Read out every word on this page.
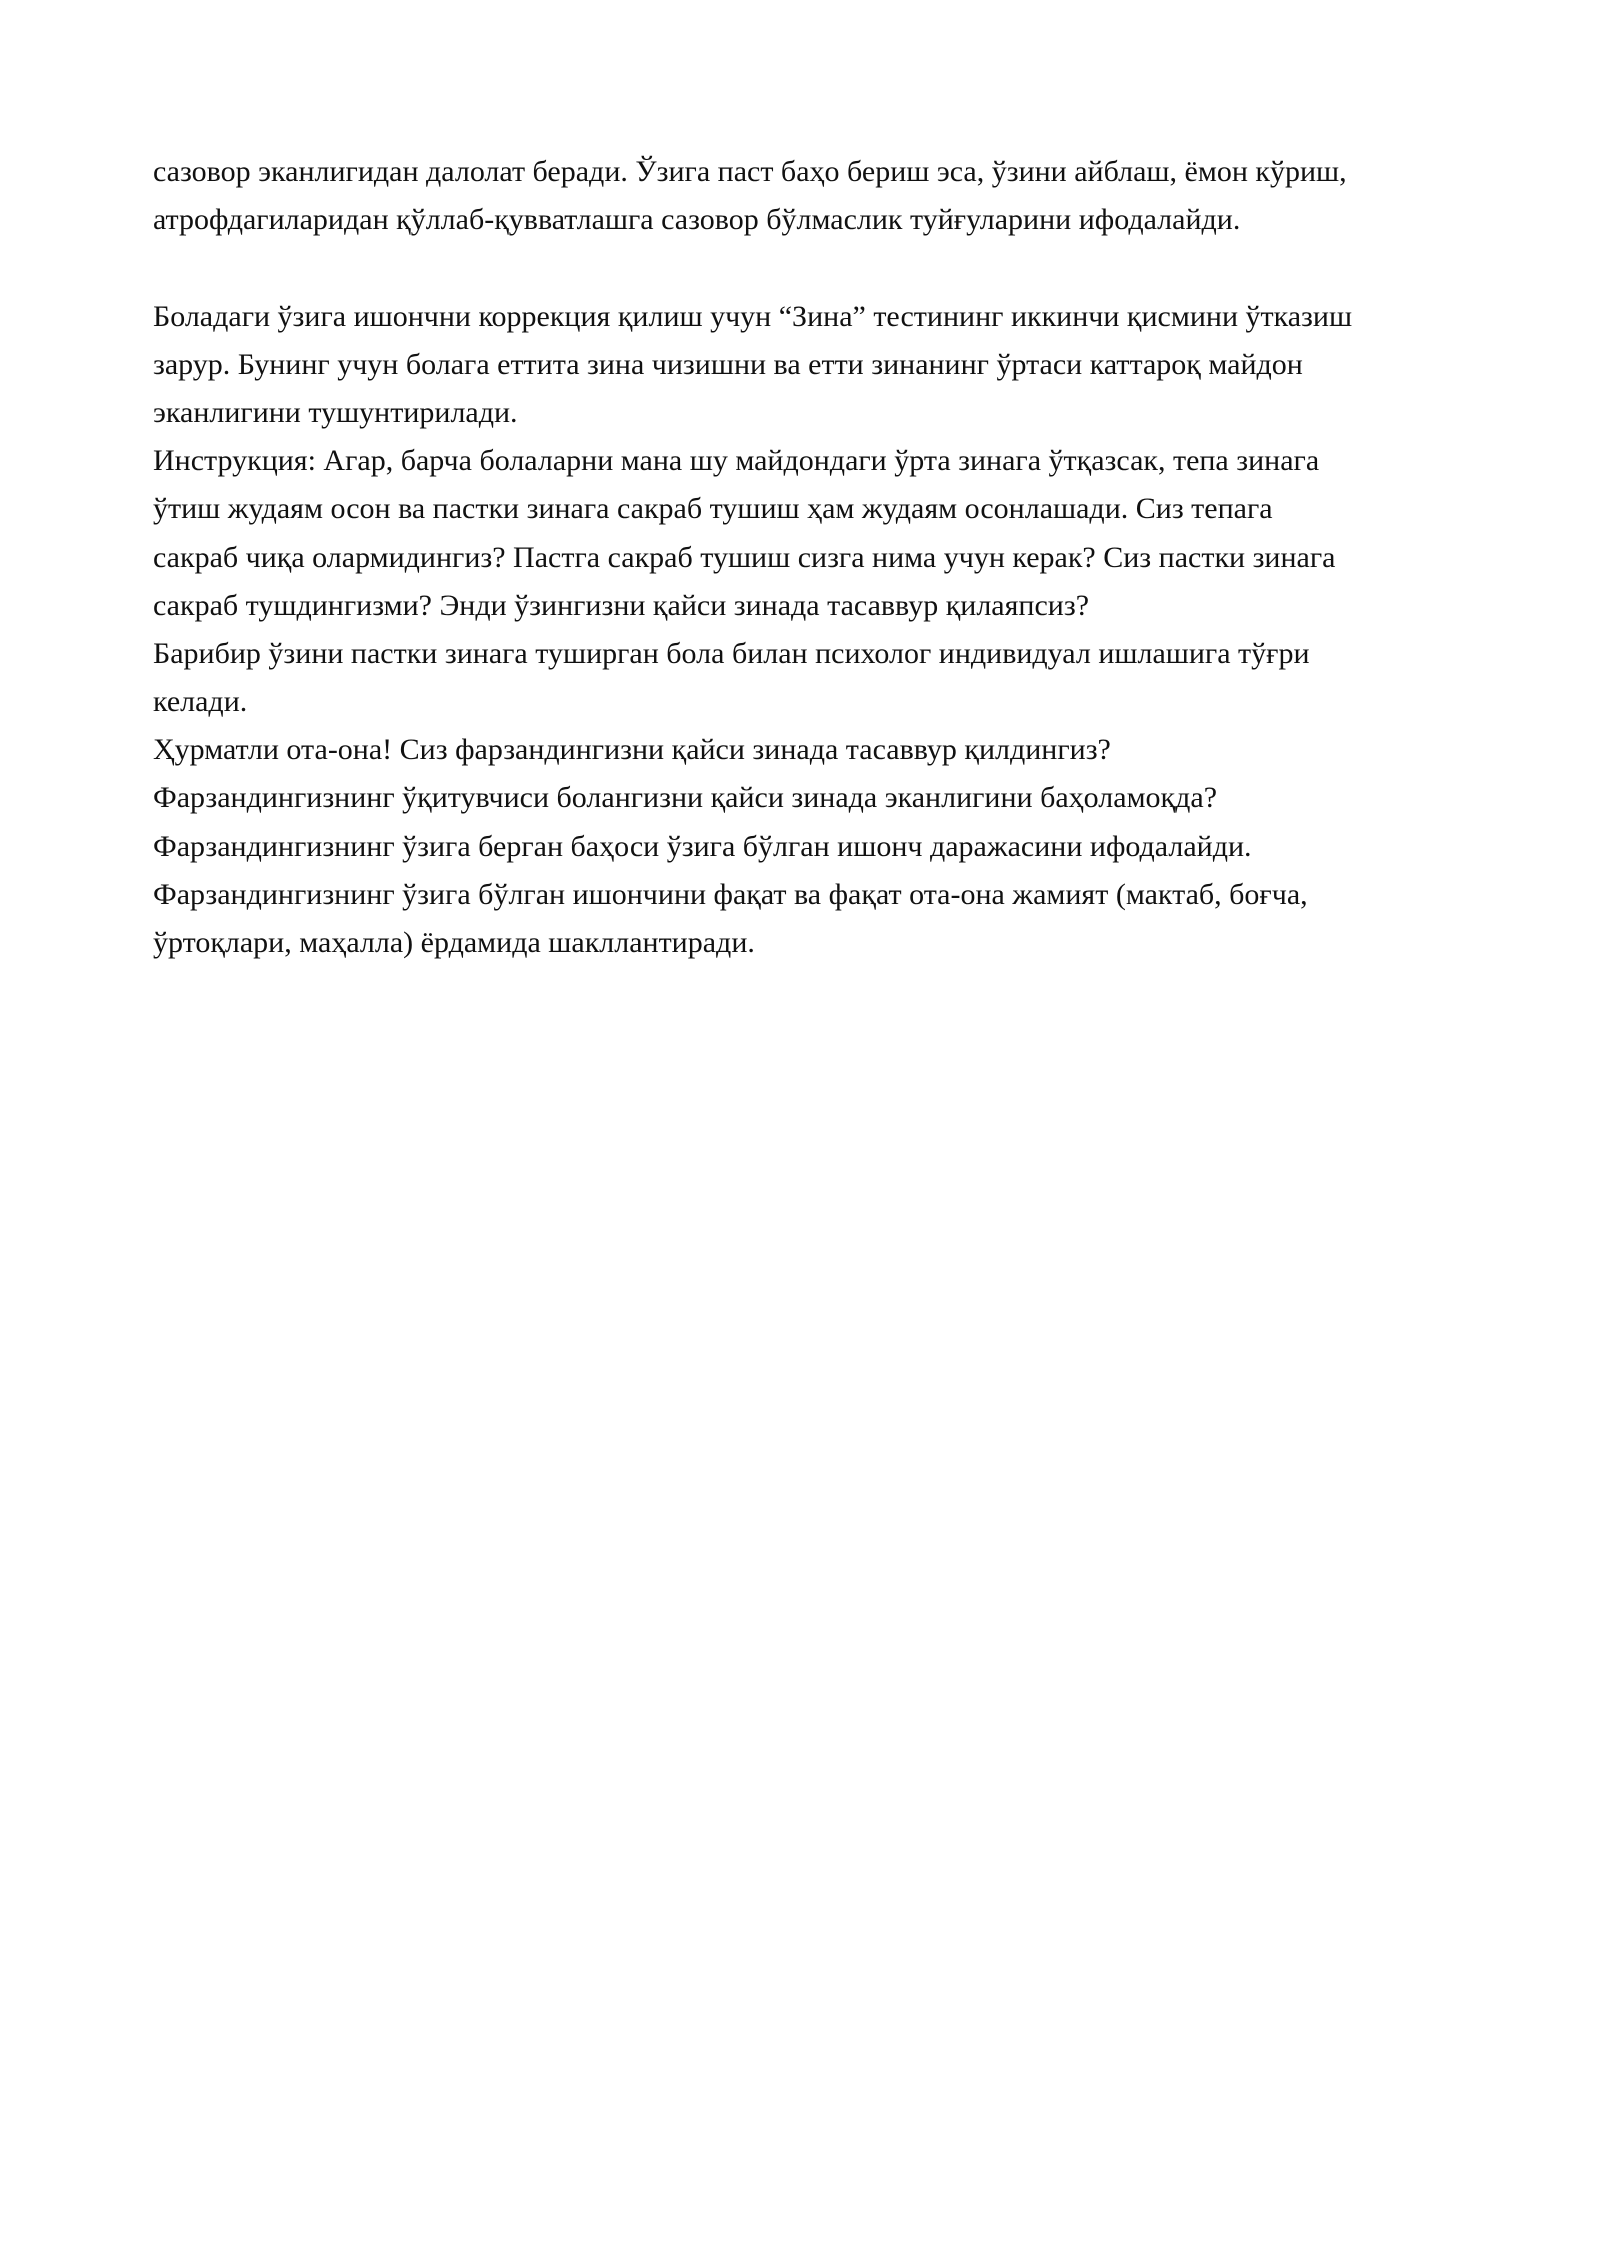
сазовор эканлигидан далолат беради. Ўзига паст баҳо бериш эса, ўзини айблаш, ёмон кўриш,
атрофдагиларидан қўллаб-қувватлашга сазовор бўлмаслик туйғуларини ифодалайди.
Боладаги ўзига ишончни коррекция қилиш учун “Зина” тестининг иккинчи қисмини ўтказиш
зарур. Бунинг учун болага еттита зина чизишни ва етти зинанинг ўртаси каттароқ майдон
эканлигини тушунтирилади.
Инструкция: Агар, барча болаларни мана шу майдондаги ўрта зинага ўтқазсак, тепа зинага
ўтиш жудаям осон ва пастки зинага сакраб тушиш ҳам жудаям осонлашади. Сиз тепага
сакраб чиқа олармидингиз? Пастга сакраб тушиш сизга нима учун керак? Сиз пастки зинага
сакраб тушдингизми? Энди ўзингизни қайси зинада тасаввур қилаяпсиз?
Барибир ўзини пастки зинага туширган бола билан психолог индивидуал ишлашига тўғри
келади.
Ҳурматли ота-она! Сиз фарзандингизни қайси зинада тасаввур қилдингиз?
Фарзандингизнинг ўқитувчиси болангизни қайси зинада эканлигини баҳоламоқда?
Фарзандингизнинг ўзига берган баҳоси ўзига бўлган ишонч даражасини ифодалайди.
Фарзандингизнинг ўзига бўлган ишончини фақат ва фақат ота-она жамият (мактаб, боғча,
ўртоқлари, маҳалла) ёрдамида шакллантиради.
